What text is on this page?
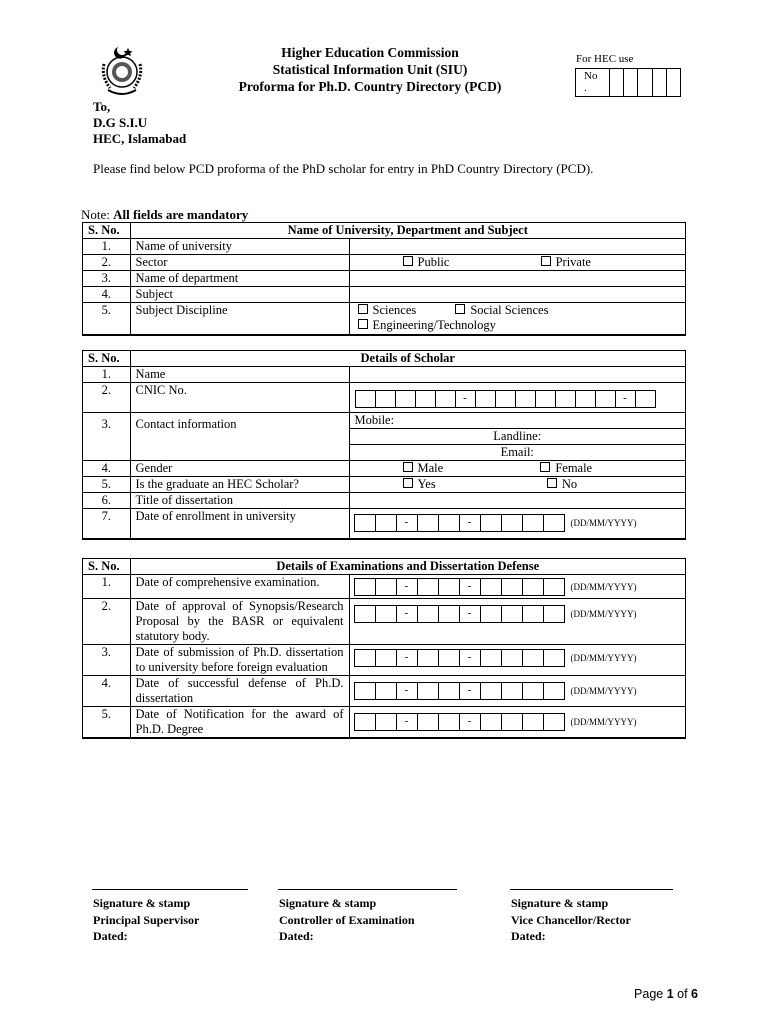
Higher Education Commission
Statistical Information Unit (SIU)
Proforma for Ph.D. Country Directory (PCD)
For HEC use
No
.
To,
D.G S.I.U
HEC, Islamabad
Please find below PCD proforma of the PhD scholar for entry in PhD Country Directory (PCD).
Note: All fields are mandatory
S. No.	Name of University, Department and Subject	
1.	Name of university	
2.	Sector	Public Private
3.	Name of department	
4.	Subject	
5.	Subject Discipline	Sciences Social Sciences
Engineering/Technology
S. No.	Details of Scholar	
1.	Name	
2.	CNIC No.	- -

3.	Contact information	Mobile:
		Landline:
		Email:
4.	Gender	Male Female
5.	Is the graduate an HEC Scholar?	Yes No
6.	Title of dissertation	
7.	Date of enrollment in university	- - (DD/MM/YYYY)
S. No.	Details of Examinations and Dissertation Defense	
1.	Date of comprehensive examination.	- - (DD/MM/YYYY)

2.	Date of approval of Synopsis/Research Proposal by the BASR or equivalent statutory body.	- - (DD/MM/YYYY)

3.	Date of submission of Ph.D. dissertation to university before foreign evaluation	- - (DD/MM/YYYY)

4.	Date of successful defense of Ph.D. dissertation	- - (DD/MM/YYYY)

5.	Date of Notification for the award of Ph.D. Degree	- - (DD/MM/YYYY)
Signature & stamp
Principal Supervisor
Dated:
Signature & stamp
Controller of Examination
Dated:
Signature & stamp
Vice Chancellor/Rector
Dated:
Page 1 of 6
